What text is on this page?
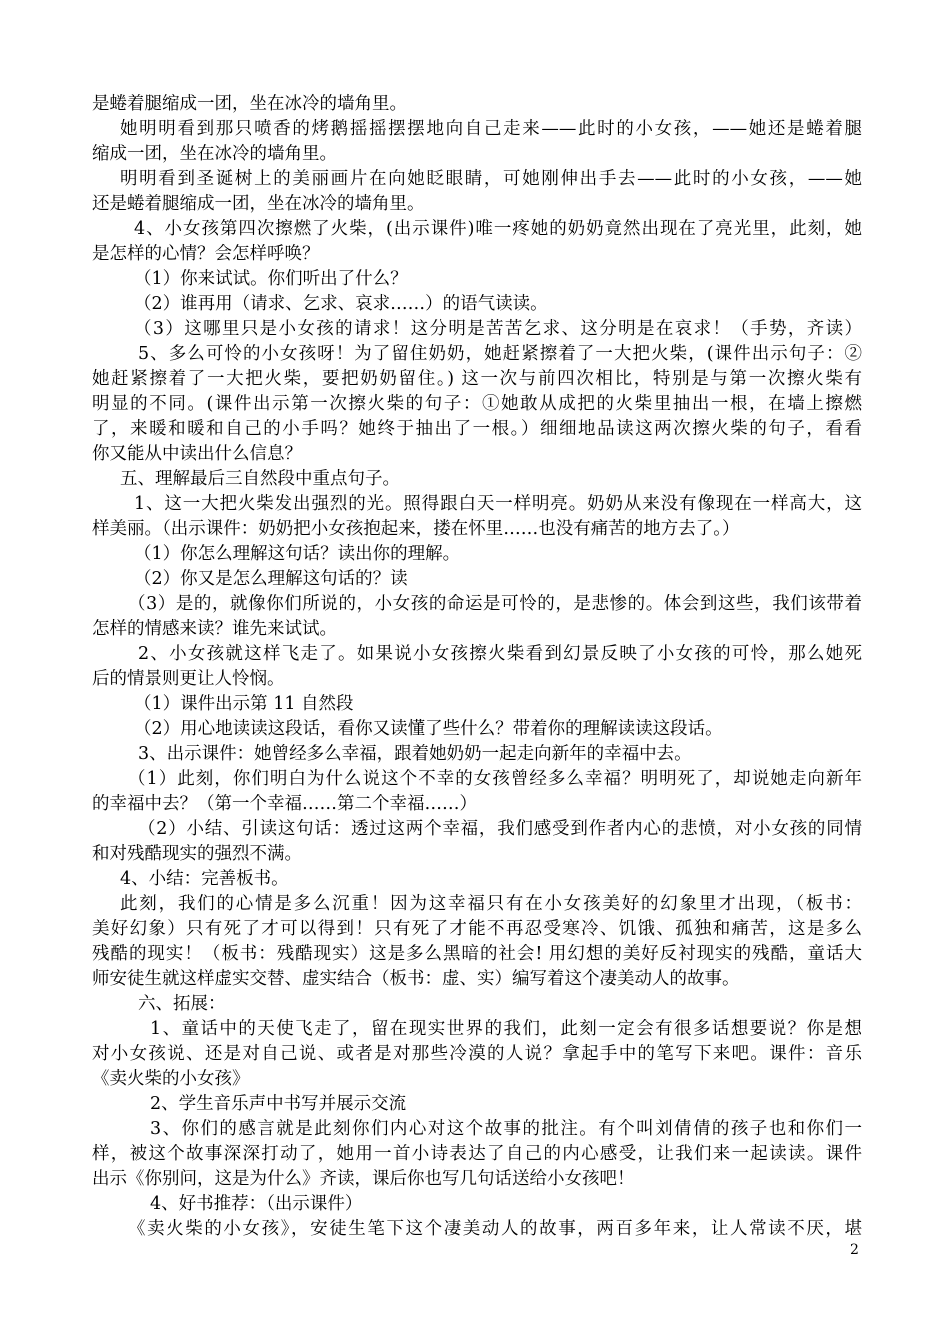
是蜷着腿缩成一团，坐在冰冷的墙角里。
她明明看到那只喷香的烤鹅摇摇摆摆地向自己走来——此时的小女孩，——她还是蜷着腿
缩成一团，坐在冰冷的墙角里。
明明看到圣诞树上的美丽画片在向她眨眼睛，可她刚伸出手去——此时的小女孩，——她
还是蜷着腿缩成一团，坐在冰冷的墙角里。
4、小女孩第四次擦燃了火柴，(出示课件)唯一疼她的奶奶竟然出现在了亮光里，此刻，她
是怎样的心情？会怎样呼唤？
（1）你来试试。你们听出了什么？
（2）谁再用（请求、乞求、哀求……）的语气读读。
（3）这哪里只是小女孩的请求！这分明是苦苦乞求、这分明是在哀求！（手势，齐读）
5、多么可怜的小女孩呀！为了留住奶奶，她赶紧擦着了一大把火柴，(课件出示句子：②
她赶紧擦着了一大把火柴，要把奶奶留住。) 这一次与前四次相比，特别是与第一次擦火柴有
明显的不同。(课件出示第一次擦火柴的句子：①她敢从成把的火柴里抽出一根，在墙上擦燃
了，来暖和暖和自己的小手吗？她终于抽出了一根。）细细地品读这两次擦火柴的句子，看看
你又能从中读出什么信息？
五、理解最后三自然段中重点句子。
1、这一大把火柴发出强烈的光。照得跟白天一样明亮。奶奶从来没有像现在一样高大，这
样美丽。（出示课件：奶奶把小女孩抱起来，搂在怀里……也没有痛苦的地方去了。）
（1）你怎么理解这句话？读出你的理解。
（2）你又是怎么理解这句话的？读
（3）是的，就像你们所说的，小女孩的命运是可怜的，是悲惨的。体会到这些，我们该带着
怎样的情感来读？谁先来试试。
2、小女孩就这样飞走了。如果说小女孩擦火柴看到幻景反映了小女孩的可怜，那么她死
后的情景则更让人怜悯。
（1）课件出示第 11 自然段
（2）用心地读读这段话，看你又读懂了些什么？带着你的理解读读这段话。
3、出示课件：她曾经多么幸福，跟着她奶奶一起走向新年的幸福中去。
（1）此刻，你们明白为什么说这个不幸的女孩曾经多么幸福？明明死了，却说她走向新年
的幸福中去？（第一个幸福……第二个幸福……）
（2）小结、引读这句话：透过这两个幸福，我们感受到作者内心的悲愤，对小女孩的同情
和对残酷现实的强烈不满。
4、小结：完善板书。
此刻，我们的心情是多么沉重！因为这幸福只有在小女孩美好的幻象里才出现，（板书：
美好幻象）只有死了才可以得到！只有死了才能不再忍受寒冷、饥饿、孤独和痛苦，这是多么
残酷的现实！（板书：残酷现实）这是多么黑暗的社会! 用幻想的美好反衬现实的残酷，童话大
师安徒生就这样虚实交替、虚实结合（板书：虚、实）编写着这个凄美动人的故事。
六、拓展：
1、童话中的天使飞走了，留在现实世界的我们，此刻一定会有很多话想要说？你是想
对小女孩说、还是对自己说、或者是对那些冷漠的人说？拿起手中的笔写下来吧。课件：音乐
《卖火柴的小女孩》
2、学生音乐声中书写并展示交流
3、你们的感言就是此刻你们内心对这个故事的批注。有个叫刘倩倩的孩子也和你们一
样，被这个故事深深打动了，她用一首小诗表达了自己的内心感受，让我们来一起读读。课件
出示《你别问，这是为什么》齐读，课后你也写几句话送给小女孩吧！
4、好书推荐：（出示课件）
《卖火柴的小女孩》，安徒生笔下这个凄美动人的故事，两百多年来，让人常读不厌，堪
2
